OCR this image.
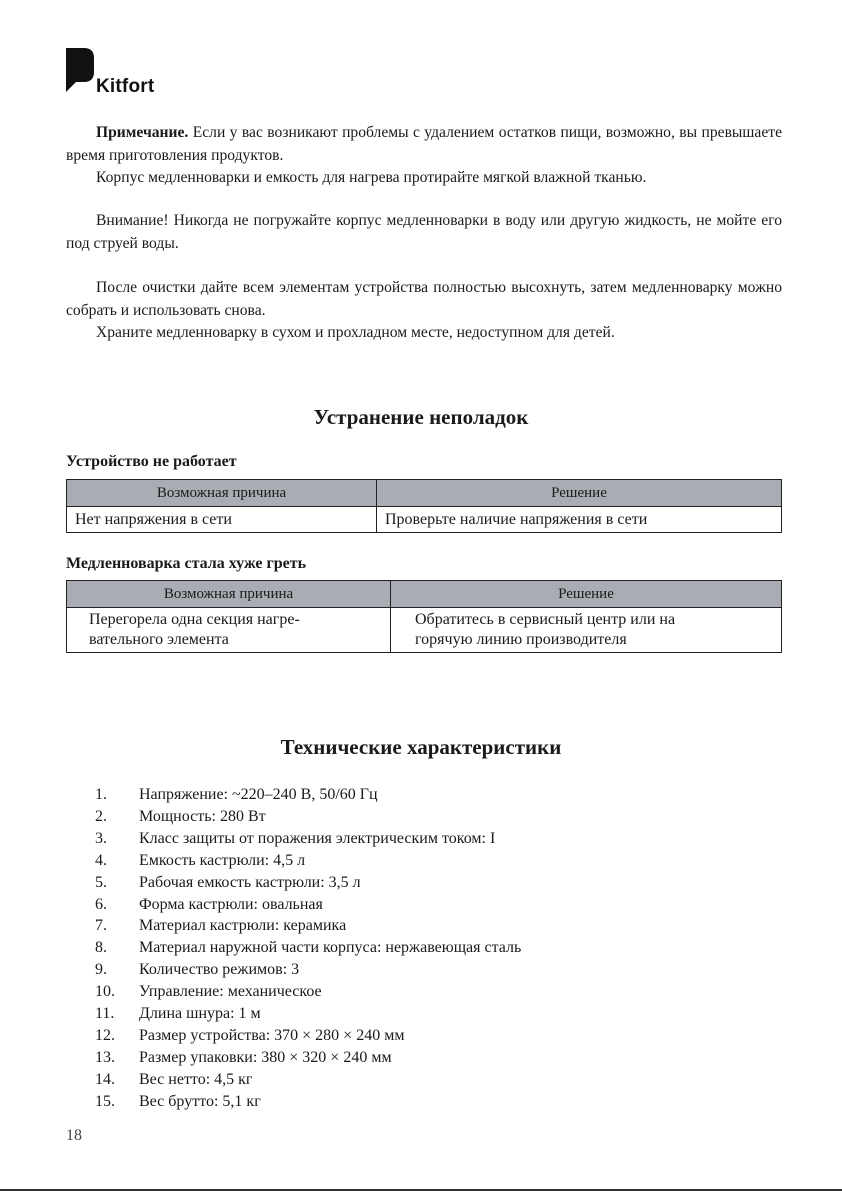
Kitfort

Примечание. Если у вас возникают проблемы с удалением остатков пищи, возможно, вы превышаете время приготовления продуктов.

Корпус медленноварки и емкость для нагрева протирайте мягкой влажной тканью.

Внимание! Никогда не погружайте корпус медленноварки в воду или другую жидкость, не мойте его под струей воды.

После очистки дайте всем элементам устройства полностью высохнуть, затем медленноварку можно собрать и использовать снова.

Храните медленноварку в сухом и прохладном месте, недоступном для детей.

Устранение неполадок
Устройство не работает
Возможная причина	Решение
Нет напряжения в сети	Проверьте наличие напряжения в сети
Медленноварка стала хуже греть
Возможная причина	Решение
Перегорела одна секция нагре-
вательного элемента	Обратитесь в сервисный центр или на
горячую линию производителя
Технические характеристики
1.	Напряжение: ~220–240 В, 50/60 Гц
2.	Мощность: 280 Вт
3.	Класс защиты от поражения электрическим током: I
4.	Емкость кастрюли: 4,5 л
5.	Рабочая емкость кастрюли: 3,5 л
6.	Форма кастрюли: овальная
7.	Материал кастрюли: керамика
8.	Материал наружной части корпуса: нержавеющая сталь
9.	Количество режимов: 3
10.	Управление: механическое
11.	Длина шнура: 1 м
12.	Размер устройства: 370 × 280 × 240 мм
13.	Размер упаковки: 380 × 320 × 240 мм
14.	Вес нетто: 4,5 кг
15.	Вес брутто: 5,1 кг
18
